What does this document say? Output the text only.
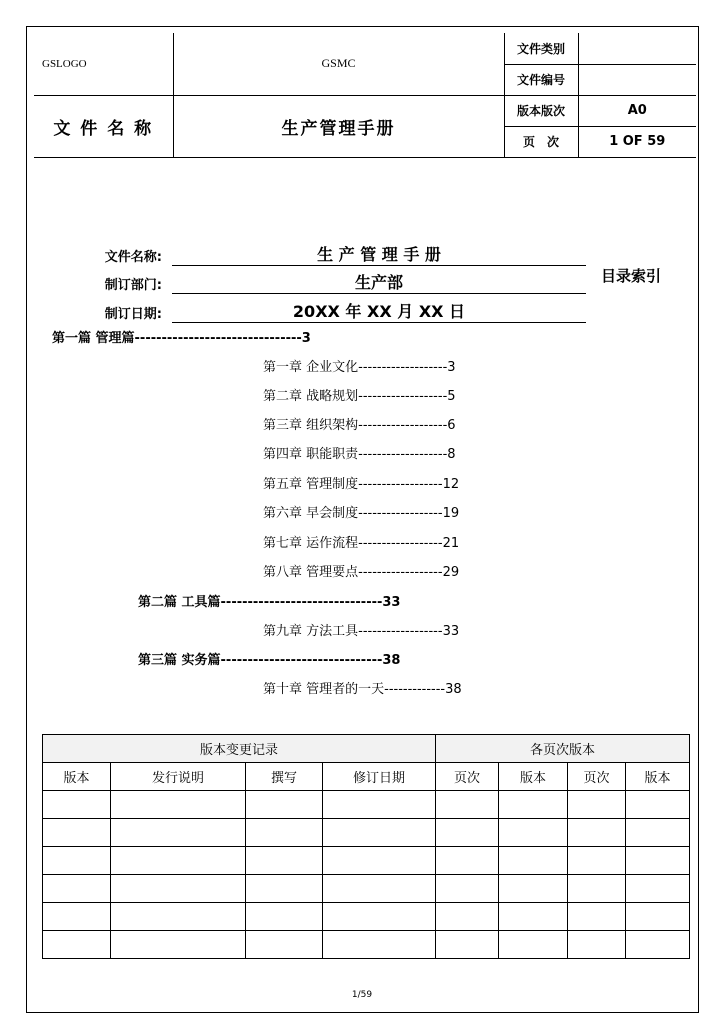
GSLOGO	GSMC	文件类别	
		文件编号	
文 件 名 称	生产管理手册	版本版次	A0
		页　次	1 OF 59
文件名称:	生 产 管 理 手 册
制订部门:	生产部
制订日期:	20XX 年 XX 月 XX 日
目录索引
第一篇 管理篇-------------------------------3
第一章 企业文化-------------------3
第二章 战略规划-------------------5
第三章 组织架构-------------------6
第四章 职能职责-------------------8
第五章 管理制度------------------12
第六章 早会制度------------------19
第七章 运作流程------------------21
第八章 管理要点------------------29
第二篇 工具篇------------------------------33
第九章 方法工具------------------33
第三篇 实务篇------------------------------38
第十章 管理者的一天-------------38
版本变更记录				各页次版本			
版本	发行说明	撰写	修订日期	页次	版本	页次	版本

1/59
